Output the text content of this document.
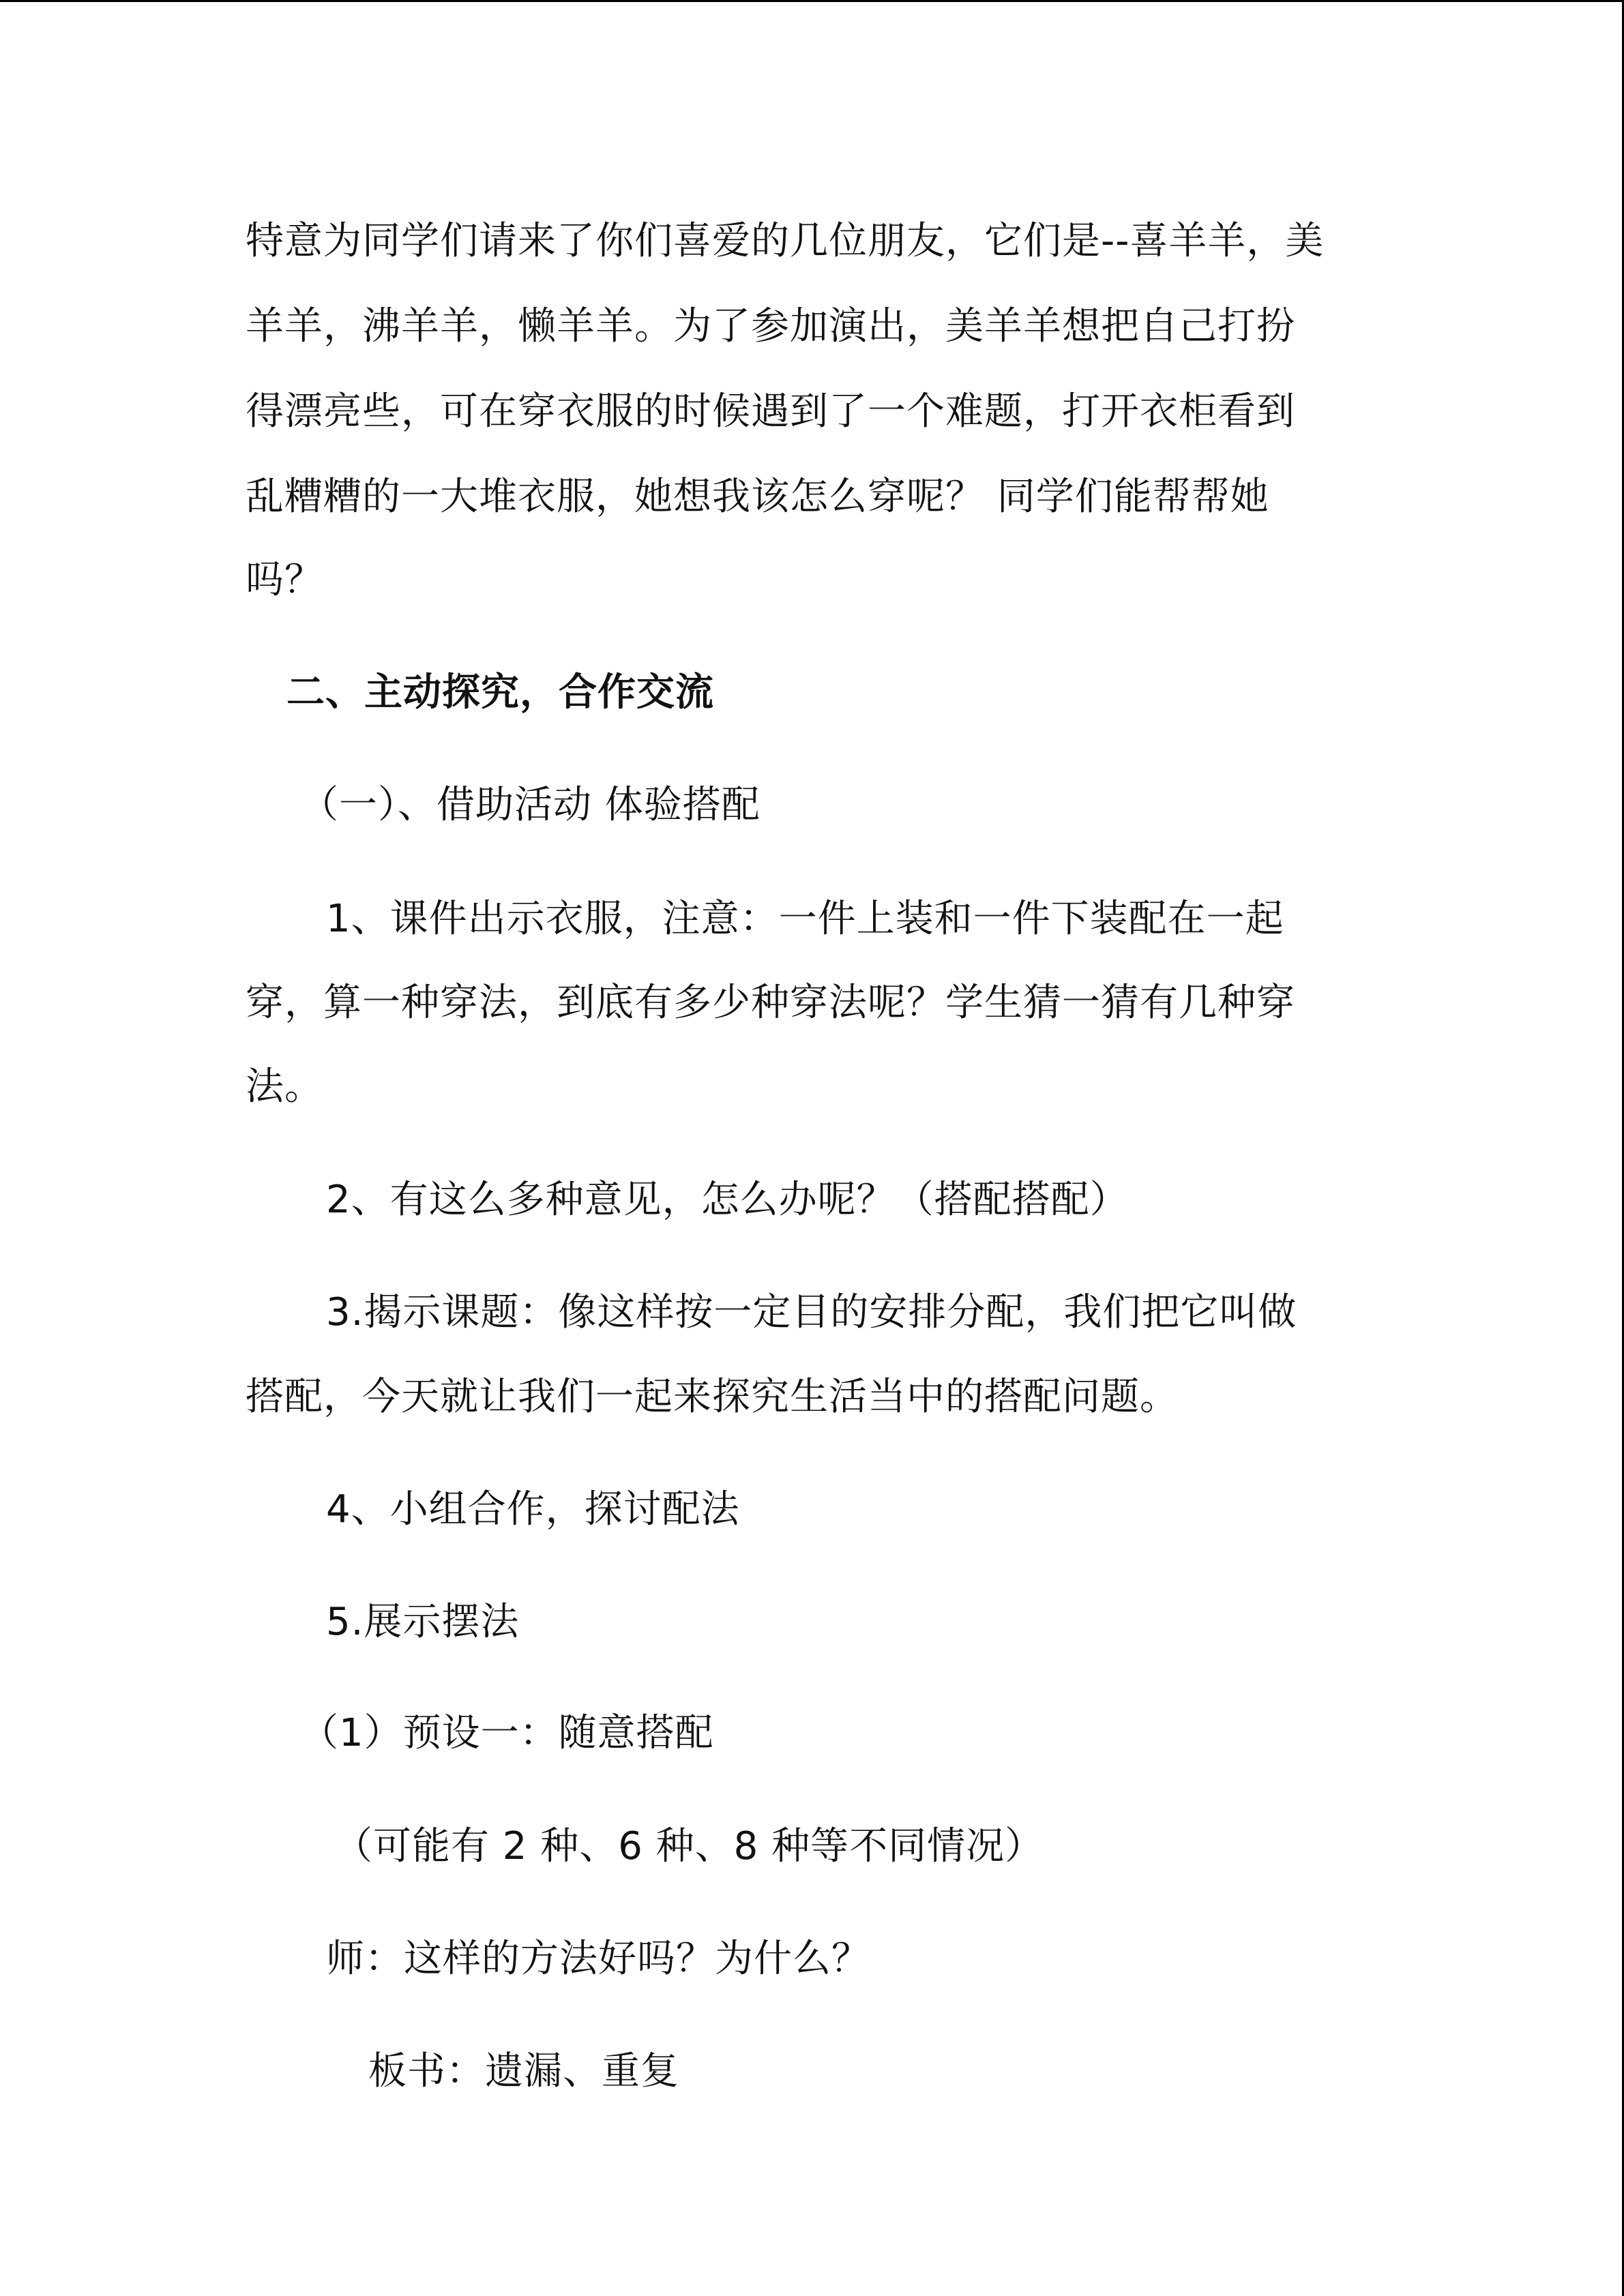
特意为同学们请来了你们喜爱的几位朋友，它们是--喜羊羊，美
羊羊，沸羊羊，懒羊羊。为了参加演出，美羊羊想把自己打扮
得漂亮些，可在穿衣服的时候遇到了一个难题，打开衣柜看到
乱糟糟的一大堆衣服，她想我该怎么穿呢？ 同学们能帮帮她
吗？
二、主动探究，合作交流
（一）、借助活动 体验搭配
1、课件出示衣服，注意：一件上装和一件下装配在一起
穿，算一种穿法，到底有多少种穿法呢？学生猜一猜有几种穿
法。
2、有这么多种意见，怎么办呢？（搭配搭配）
3.揭示课题：像这样按一定目的安排分配，我们把它叫做
搭配，今天就让我们一起来探究生活当中的搭配问题。
4、小组合作，探讨配法
5.展示摆法
（1）预设一：随意搭配
（可能有 2 种、6 种、8 种等不同情况）
师：这样的方法好吗？为什么？
板书：遗漏、重复
